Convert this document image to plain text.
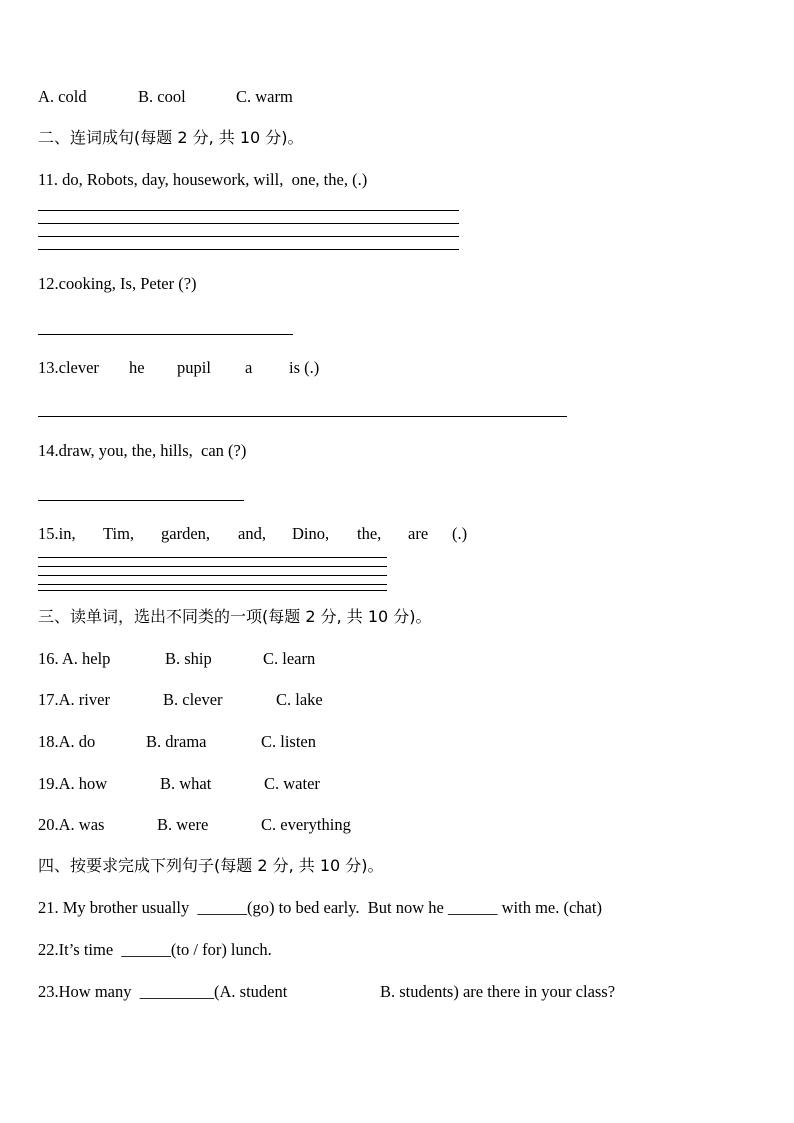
A. cold	B. cool	C. warm
二、连词成句(每题 2 分, 共 10 分)。
11. do, Robots, day, housework, will,  one, the, (.)
12.cooking, Is, Peter (?)
13.clever he pupil a is (.)
14.draw, you, the, hills,  can (?)
15.in, Tim, garden, and, Dino, the, are (.)
三、读单词，选出不同类的一项(每题 2 分, 共 10 分)。
16. A. help	B. ship	C. learn
17.A. river	B. clever	C. lake
18.A. do	B. drama	C. listen
19.A. how	B. what	C. water
20.A. was	B. were	C. everything
四、按要求完成下列句子(每题 2 分, 共 10 分)。
21. My brother usually  ______(go) to bed early.  But now he ______ with me. (chat)
22.It’s time  ______(to / for) lunch.
23.How many  _________(A. student	B. students) are there in your class?
